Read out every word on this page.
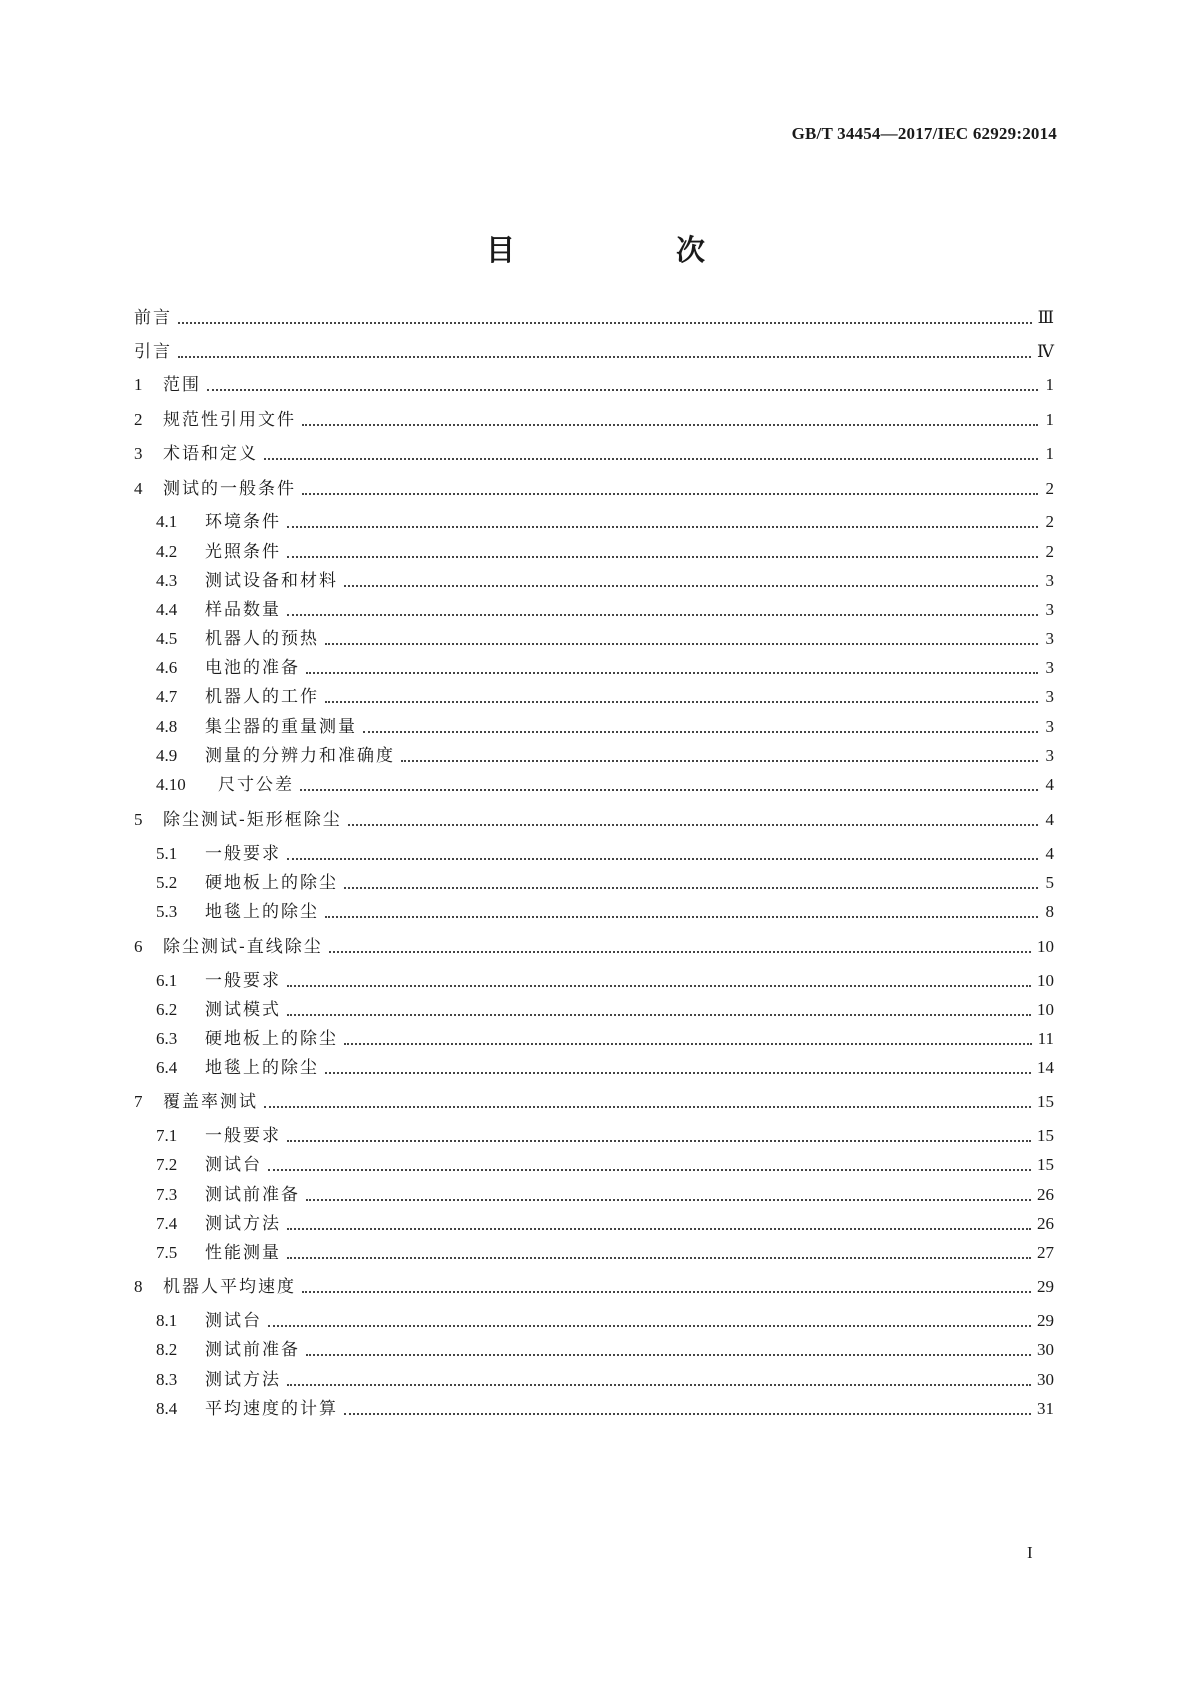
GB/T 34454—2017/IEC 62929:2014
目　次
前言	Ⅲ
引言	Ⅳ
1	范围	1
2	规范性引用文件	1
3	术语和定义	1
4	测试的一般条件	2
4.1	环境条件	2
4.2	光照条件	2
4.3	测试设备和材料	3
4.4	样品数量	3
4.5	机器人的预热	3
4.6	电池的准备	3
4.7	机器人的工作	3
4.8	集尘器的重量测量	3
4.9	测量的分辨力和准确度	3
4.10	尺寸公差	4
5	除尘测试-矩形框除尘	4
5.1	一般要求	4
5.2	硬地板上的除尘	5
5.3	地毯上的除尘	8
6	除尘测试-直线除尘	10
6.1	一般要求	10
6.2	测试模式	10
6.3	硬地板上的除尘	11
6.4	地毯上的除尘	14
7	覆盖率测试	15
7.1	一般要求	15
7.2	测试台	15
7.3	测试前准备	26
7.4	测试方法	26
7.5	性能测量	27
8	机器人平均速度	29
8.1	测试台	29
8.2	测试前准备	30
8.3	测试方法	30
8.4	平均速度的计算	31
I
